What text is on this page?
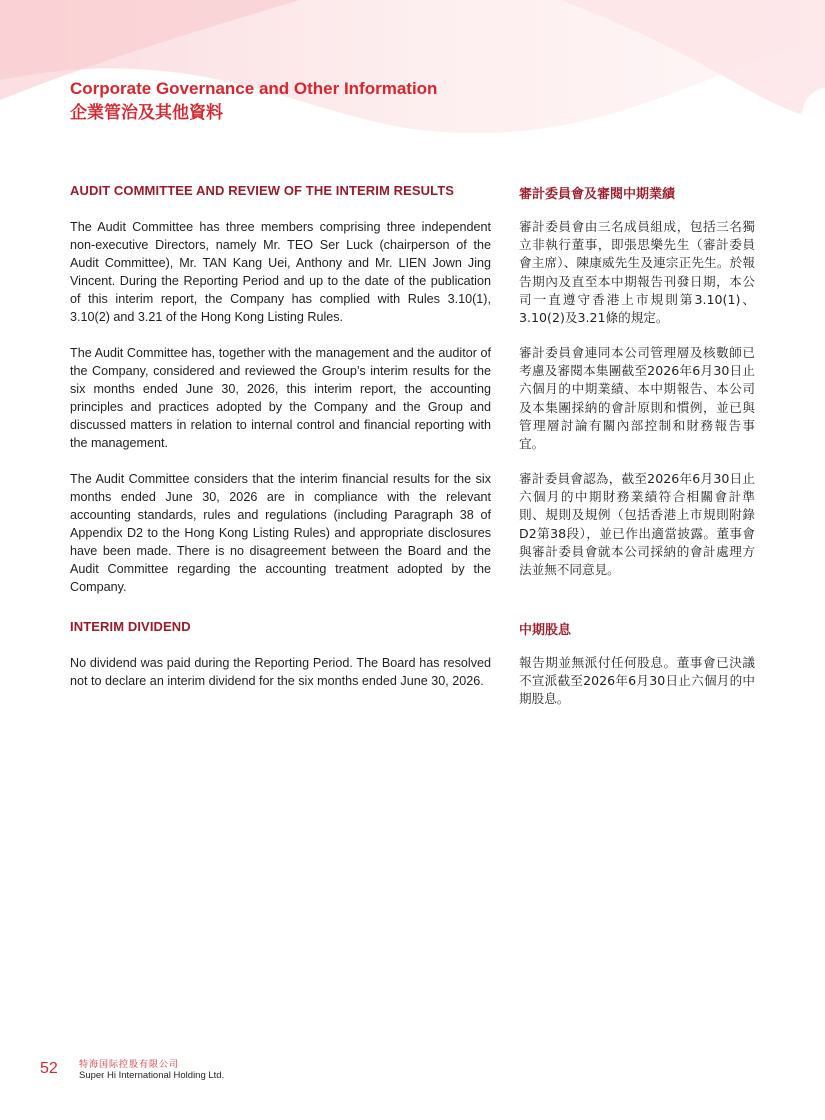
Corporate Governance and Other Information
企業管治及其他資料
AUDIT COMMITTEE AND REVIEW OF THE INTERIM RESULTS	審計委員會及審閱中期業績

The Audit Committee has three members comprising three independent non-executive Directors, namely Mr. TEO Ser Luck (chairperson of the Audit Committee), Mr. TAN Kang Uei, Anthony and Mr. LIEN Jown Jing Vincent. During the Reporting Period and up to the date of the publication of this interim report, the Company has complied with Rules 3.10(1), 3.10(2) and 3.21 of the Hong Kong Listing Rules.

The Audit Committee has, together with the management and the auditor of the Company, considered and reviewed the Group’s interim results for the six months ended June 30, 2026, this interim report, the accounting principles and practices adopted by the Company and the Group and discussed matters in relation to internal control and financial reporting with the management.

The Audit Committee considers that the interim financial results for the six months ended June 30, 2026 are in compliance with the relevant accounting standards, rules and regulations (including Paragraph 38 of Appendix D2 to the Hong Kong Listing Rules) and appropriate disclosures have been made. There is no disagreement between the Board and the Audit Committee regarding the accounting treatment adopted by the Company.

審計委員會由三名成員組成，包括三名獨立非執行董事，即張思樂先生（審計委員會主席）、陳康威先生及連宗正先生。於報告期內及直至本中期報告刊發日期，本公司一直遵守香港上市規則第3.10(1)、3.10(2)及3.21條的規定。

審計委員會連同本公司管理層及核數師已考慮及審閱本集團截至2026年6月30日止六個月的中期業績、本中期報告、本公司及本集團採納的會計原則和慣例，並已與管理層討論有關內部控制和財務報告事宜。

審計委員會認為，截至2026年6月30日止六個月的中期財務業績符合相關會計準則、規則及規例（包括香港上市規則附錄D2第38段），並已作出適當披露。董事會與審計委員會就本公司採納的會計處理方法並無不同意見。

INTERIM DIVIDEND	中期股息

No dividend was paid during the Reporting Period. The Board has resolved not to declare an interim dividend for the six months ended June 30, 2026.

報告期並無派付任何股息。董事會已決議不宣派截至2026年6月30日止六個月的中期股息。

52 特海国际控股有限公司
Super Hi International Holding Ltd.
